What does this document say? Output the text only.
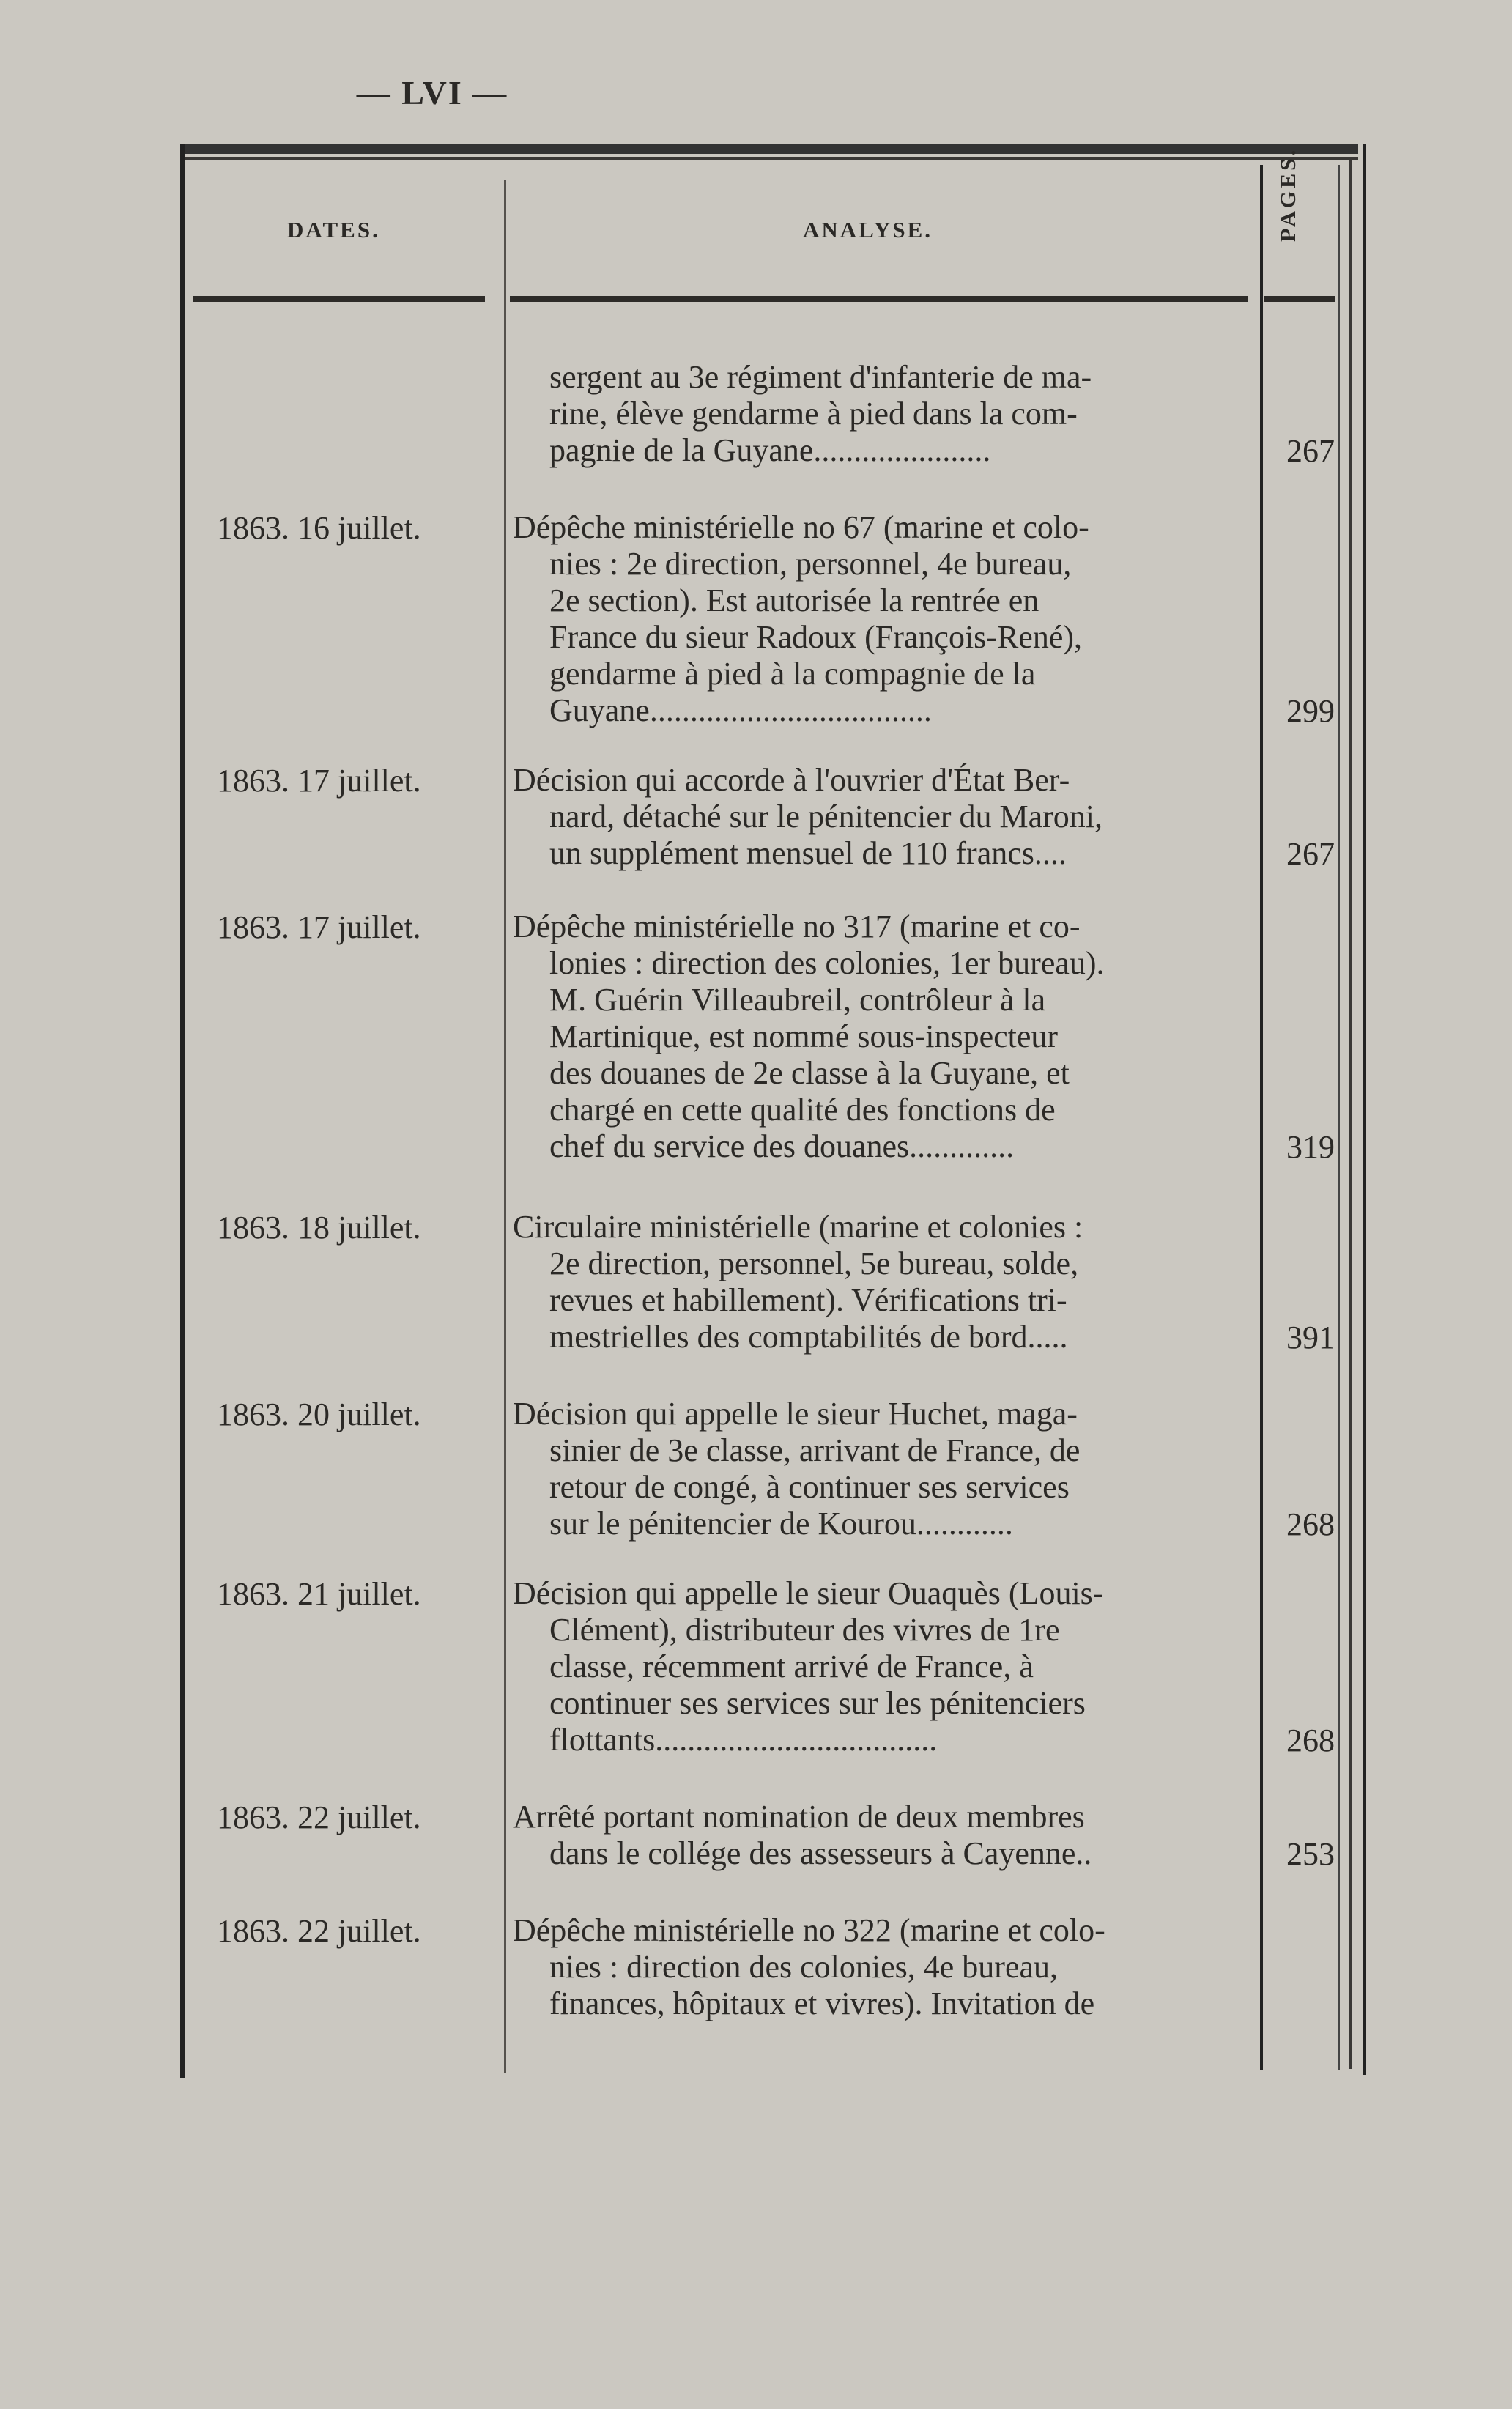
— LVI —
DATES.	ANALYSE.	PAGES.
sergent au 3e régiment d'infanterie de ma-
rine, élève gendarme à pied dans la com-
pagnie de la Guyane......................	267
1863. 16 juillet.	Dépêche ministérielle no 67 (marine et colo-
nies : 2e direction, personnel, 4e bureau,
2e section). Est autorisée la rentrée en
France du sieur Radoux (François-René),
gendarme à pied à la compagnie de la
Guyane...................................	299
1863. 17 juillet.	Décision qui accorde à l'ouvrier d'État Ber-
nard, détaché sur le pénitencier du Maroni,
un supplément mensuel de 110 francs....	267
1863. 17 juillet.	Dépêche ministérielle no 317 (marine et co-
lonies : direction des colonies, 1er bureau).
M. Guérin Villeaubreil, contrôleur à la
Martinique, est nommé sous-inspecteur
des douanes de 2e classe à la Guyane, et
chargé en cette qualité des fonctions de
chef du service des douanes.............	319
1863. 18 juillet.	Circulaire ministérielle (marine et colonies :
2e direction, personnel, 5e bureau, solde,
revues et habillement). Vérifications tri-
mestrielles des comptabilités de bord.....	391
1863. 20 juillet.	Décision qui appelle le sieur Huchet, maga-
sinier de 3e classe, arrivant de France, de
retour de congé, à continuer ses services
sur le pénitencier de Kourou............	268
1863. 21 juillet.	Décision qui appelle le sieur Ouaquès (Louis-
Clément), distributeur des vivres de 1re
classe, récemment arrivé de France, à
continuer ses services sur les pénitenciers
flottants...................................	268
1863. 22 juillet.	Arrêté portant nomination de deux membres
dans le collége des assesseurs à Cayenne..	253
1863. 22 juillet.	Dépêche ministérielle no 322 (marine et colo-
nies : direction des colonies, 4e bureau,
finances, hôpitaux et vivres). Invitation de
